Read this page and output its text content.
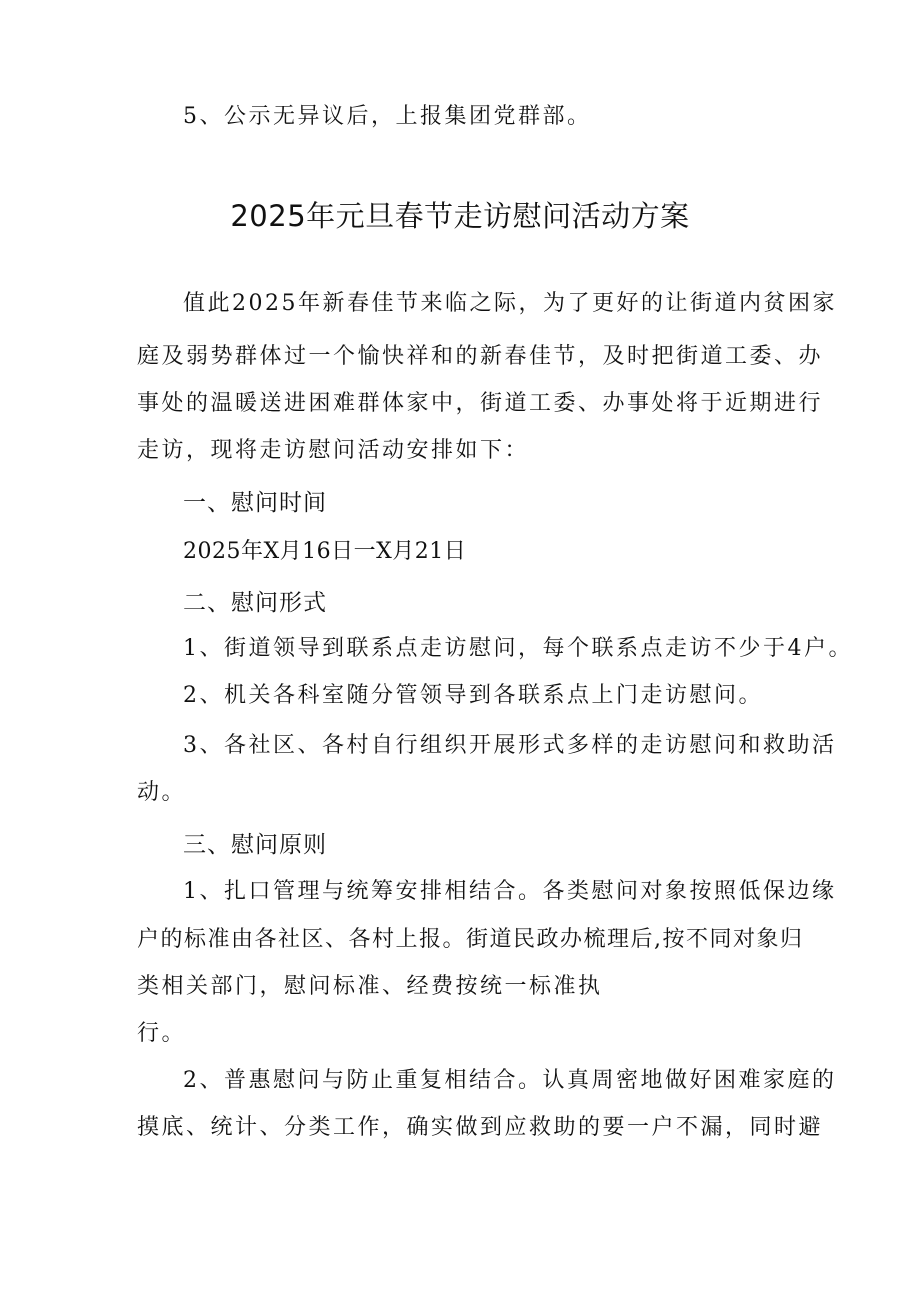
5、公示无异议后，上报集团党群部。
2025年元旦春节走访慰问活动方案
值此2025年新春佳节来临之际，为了更好的让街道内贫困家
庭及弱势群体过一个愉快祥和的新春佳节，及时把街道工委、办
事处的温暖送进困难群体家中，街道工委、办事处将于近期进行
走访，现将走访慰问活动安排如下：
一、慰问时间
2025年X月16日一X月21日
二、慰问形式
1、街道领导到联系点走访慰问，每个联系点走访不少于4户。
2、机关各科室随分管领导到各联系点上门走访慰问。
3、各社区、各村自行组织开展形式多样的走访慰问和救助活
动。
三、慰问原则
1、扎口管理与统筹安排相结合。各类慰问对象按照低保边缘
户的标准由各社区、各村上报。街道民政办梳理后,按不同对象归
类相关部门，慰问标准、经费按统一标准执
行。
2、普惠慰问与防止重复相结合。认真周密地做好困难家庭的
摸底、统计、分类工作，确实做到应救助的要一户不漏，同时避
